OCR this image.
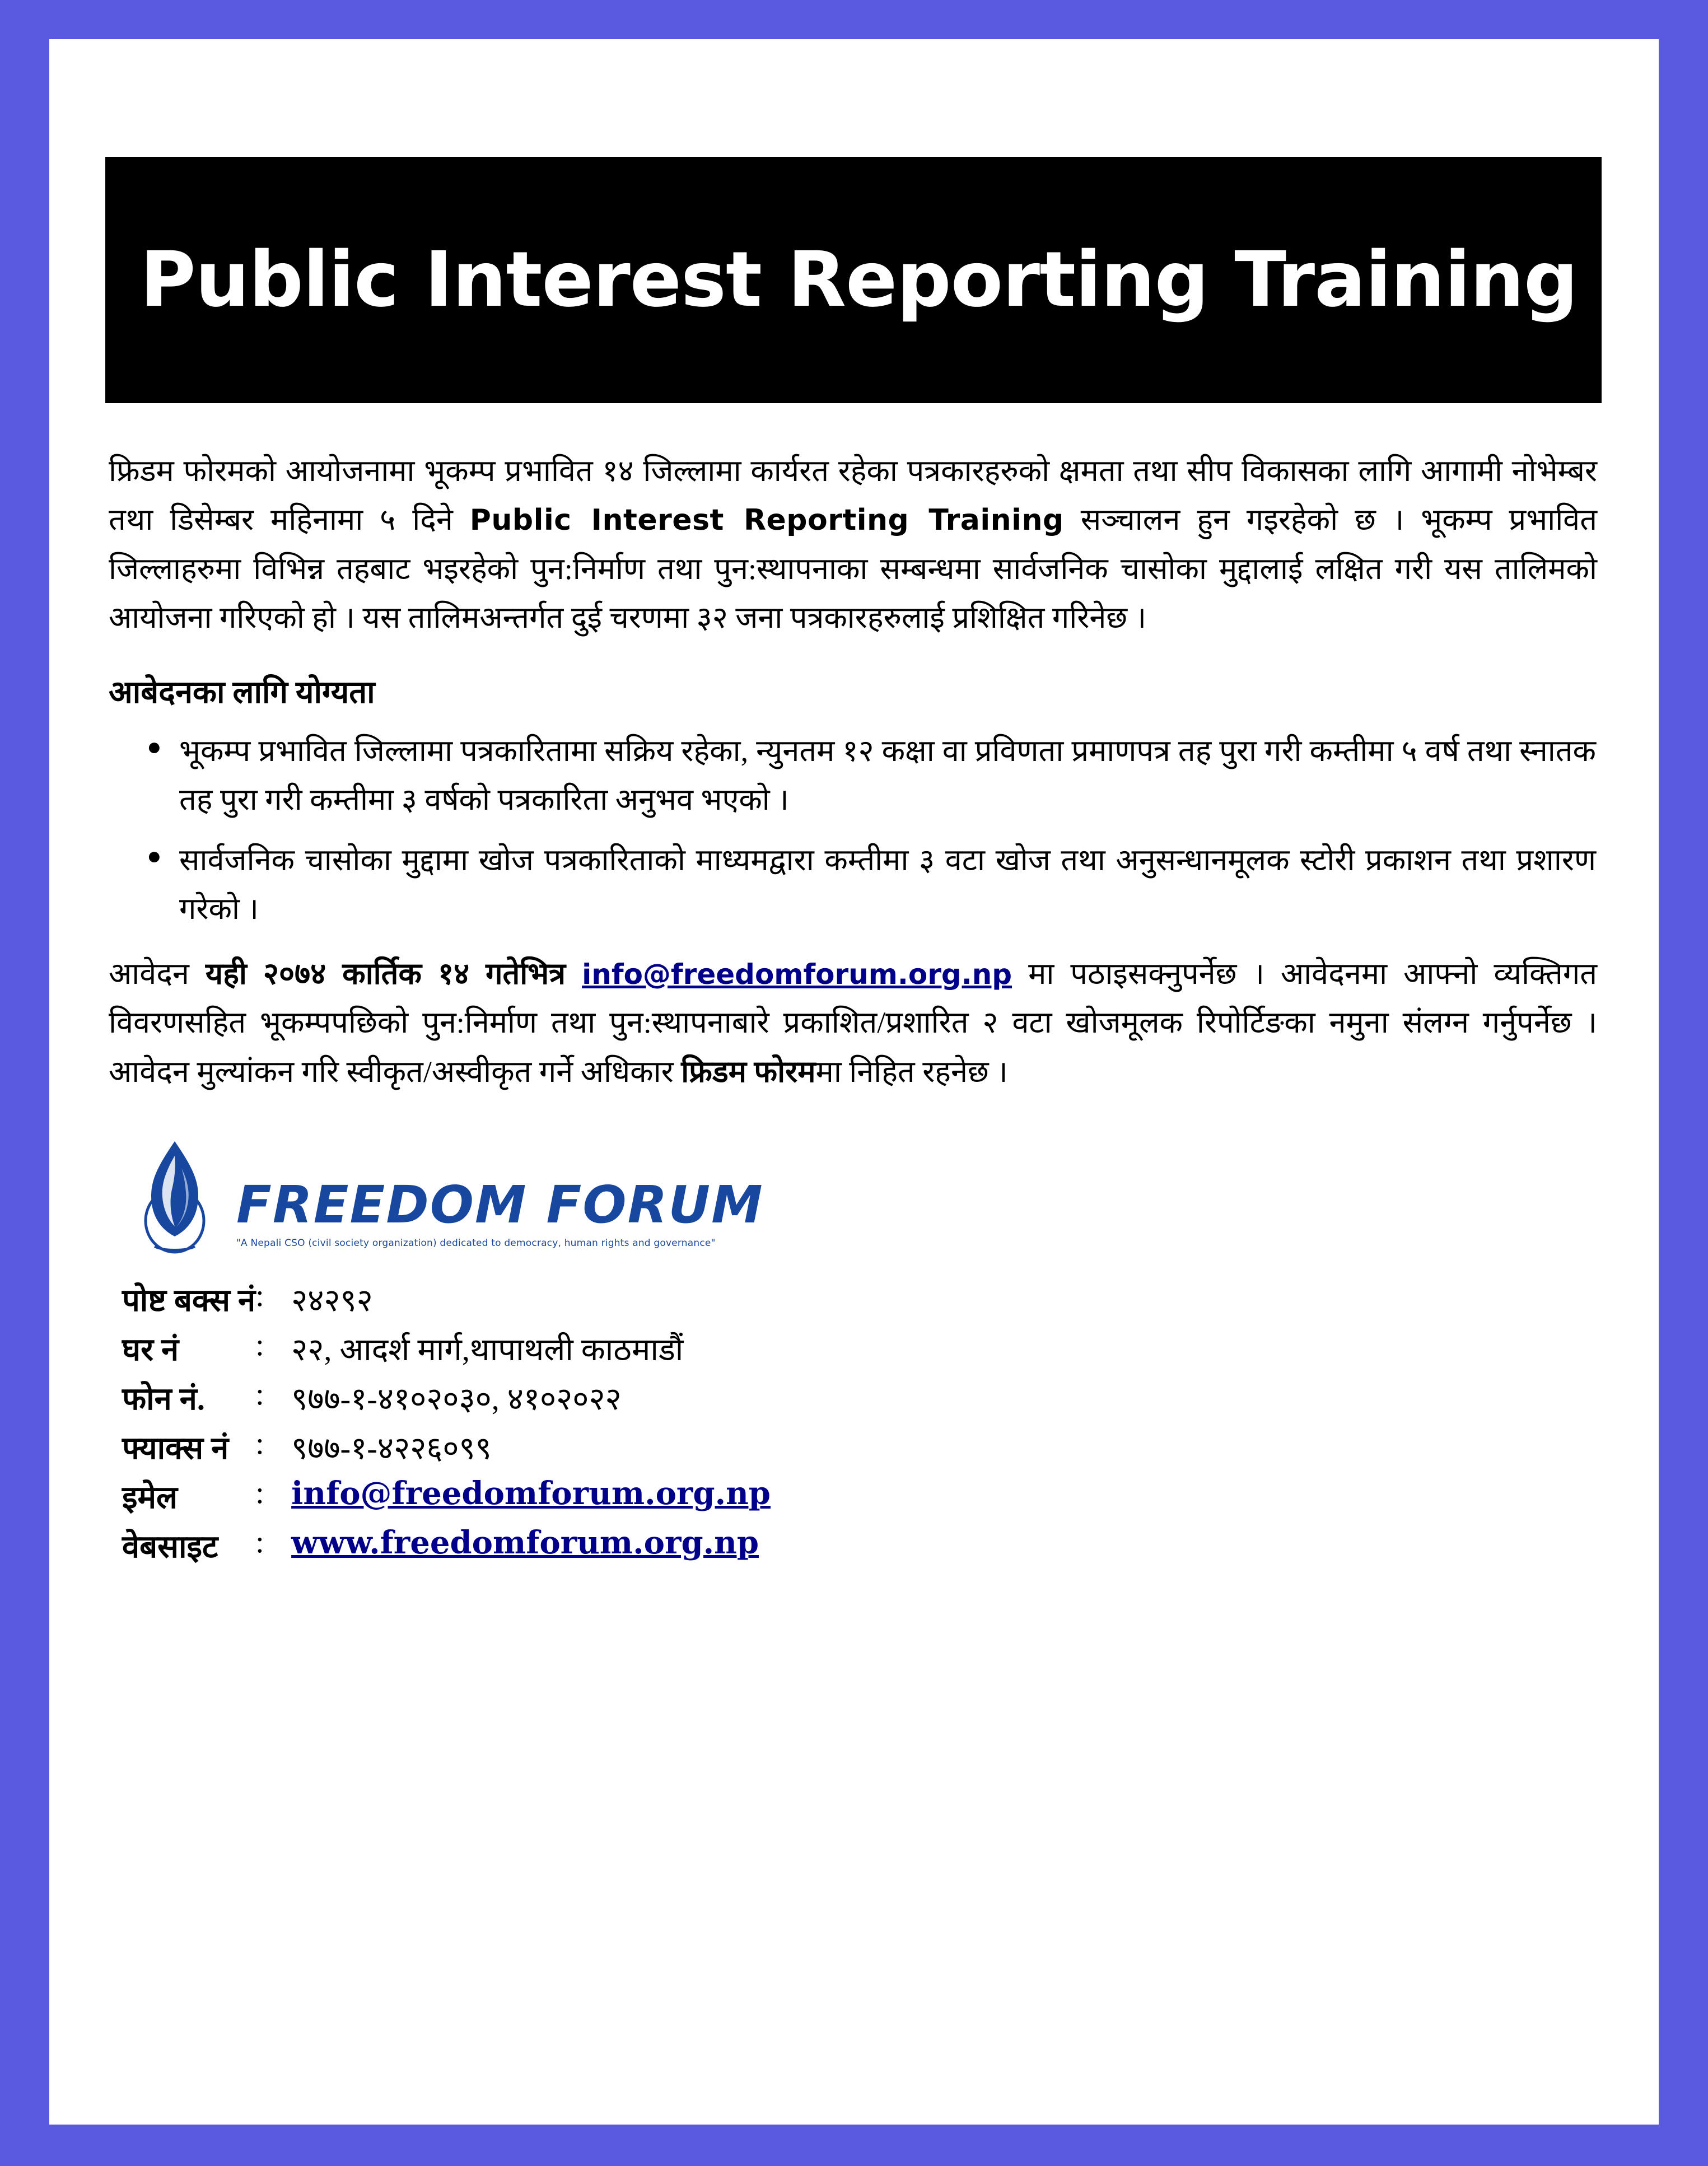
Public Interest Reporting Training

फ्रिडम फोरमको आयोजनामा भूकम्प प्रभावित १४ जिल्लामा कार्यरत रहेका पत्रकारहरुको क्षमता तथा सीप विकासका लागि आगामी नोभेम्बर तथा डिसेम्बर महिनामा ५ दिने Public Interest Reporting Training सञ्चालन हुन गइरहेको छ । भूकम्प प्रभावित जिल्लाहरुमा विभिन्न तहबाट भइरहेको पुन:निर्माण तथा पुन:स्थापनाका सम्बन्धमा सार्वजनिक चासोका मुद्दालाई लक्षित गरी यस तालिमको आयोजना गरिएको हो । यस तालिमअन्तर्गत दुई चरणमा ३२ जना पत्रकारहरुलाई प्रशिक्षित गरिनेछ ।

आबेदनका लागि योग्यता
● भूकम्प प्रभावित जिल्लामा पत्रकारितामा सक्रिय रहेका, न्युनतम १२ कक्षा वा प्रविणता प्रमाणपत्र तह पुरा गरी कम्तीमा ५ वर्ष तथा स्नातक तह पुरा गरी कम्तीमा ३ वर्षको पत्रकारिता अनुभव भएको ।
● सार्वजनिक चासोका मुद्दामा खोज पत्रकारिताको माध्यमद्वारा कम्तीमा ३ वटा खोज तथा अनुसन्धानमूलक स्टोरी प्रकाशन तथा प्रशारण गरेको ।

आवेदन यही २०७४ कार्तिक १४ गतेभित्र info@freedomforum.org.np मा पठाइसक्नुपर्नेछ । आवेदनमा आफ्नो व्यक्तिगत विवरणसहित भूकम्पपछिको पुन:निर्माण तथा पुन:स्थापनाबारे प्रकाशित/प्रशारित २ वटा खोजमूलक रिपोर्टिङका नमुना संलग्न गर्नुपर्नेछ । आवेदन मुल्यांकन गरि स्वीकृत/अस्वीकृत गर्ने अधिकार फ्रिडम फोरममा निहित रहनेछ ।

FREEDOM FORUM
"A Nepali CSO (civil society organization) dedicated to democracy, human rights and governance"
पोष्ट बक्स नं	:	२४२९२
घर नं	:	२२, आदर्श मार्ग,थापाथली काठमाडौं
फोन नं.	:	९७७-१-४१०२०३०, ४१०२०२२
फ्याक्स नं	:	९७७-१-४२२६०९९
इमेल	:	info@freedomforum.org.np
वेबसाइट	:	www.freedomforum.org.np
